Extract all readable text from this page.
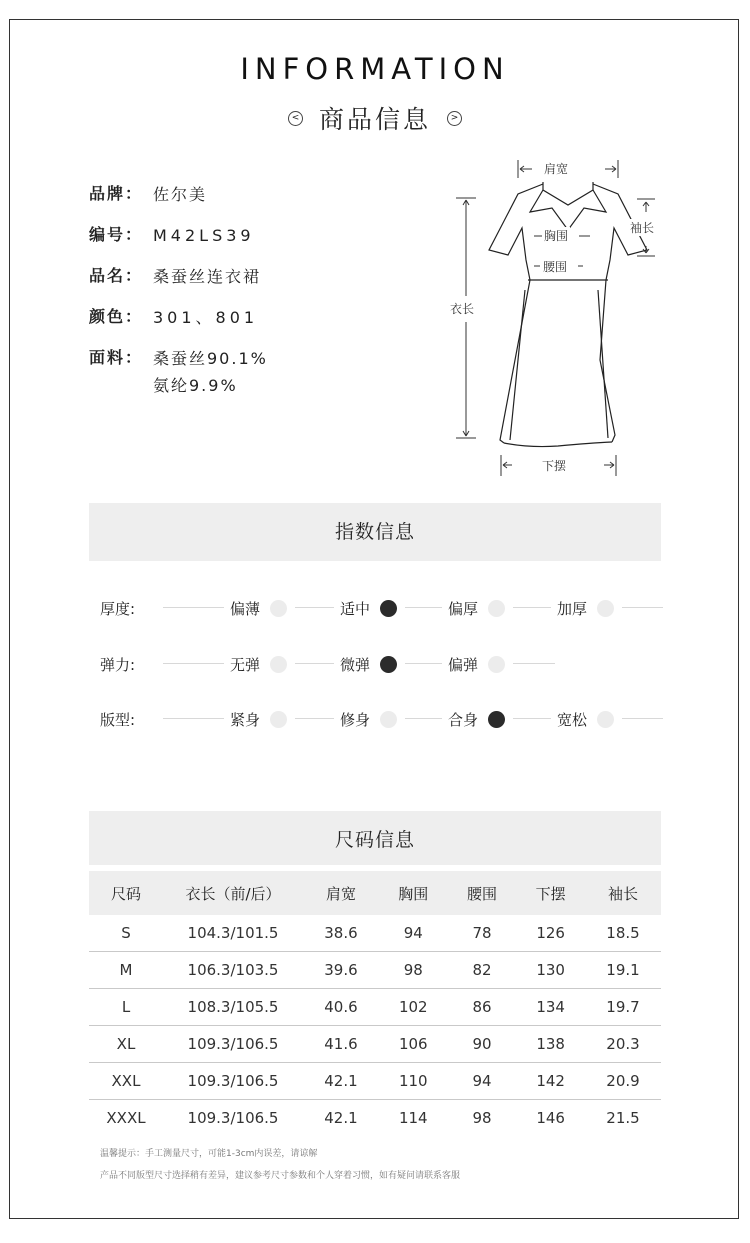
INFORMATION
< 商品信息 >
品牌： 佐尔美
编号： M42LS39
品名： 桑蚕丝连衣裙
颜色： 301、801
面料： 桑蚕丝90.1%
氨纶9.9%
肩宽
袖长
胸围
腰围
衣长
下摆
指数信息
厚度:	偏薄	适中	偏厚	加厚
弹力:	无弹	微弹	偏弹
版型:	紧身	修身	合身	宽松
尺码信息
尺码	衣长（前/后）	肩宽	胸围	腰围	下摆	袖长
S	104.3/101.5	38.6	94	78	126	18.5
M	106.3/103.5	39.6	98	82	130	19.1
L	108.3/105.5	40.6	102	86	134	19.7
XL	109.3/106.5	41.6	106	90	138	20.3
XXL	109.3/106.5	42.1	110	94	142	20.9
XXXL	109.3/106.5	42.1	114	98	146	21.5
温馨提示：手工测量尺寸，可能1-3cm内误差，请谅解
产品不同版型尺寸选择稍有差异，建议参考尺寸参数和个人穿着习惯，如有疑问请联系客服
